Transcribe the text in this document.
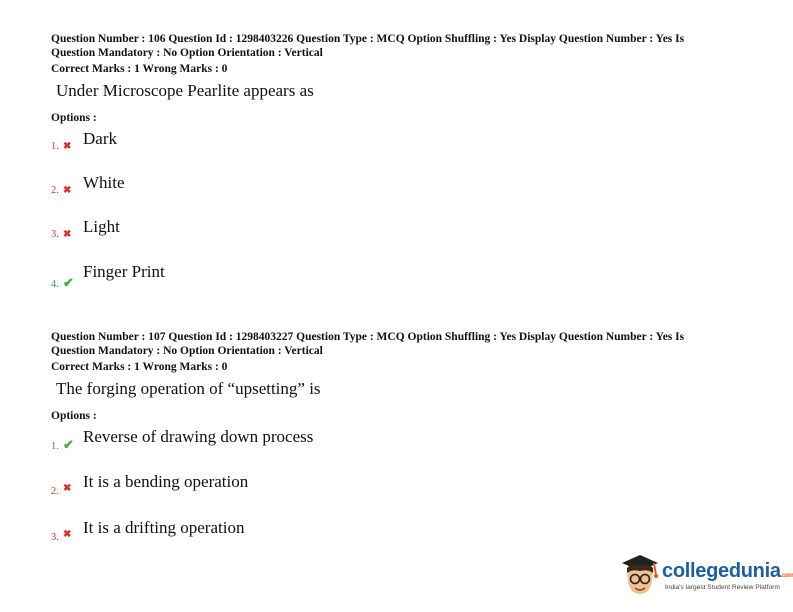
Question Number : 106 Question Id : 1298403226 Question Type : MCQ Option Shuffling : Yes Display Question Number : Yes Is

Question Mandatory : No Option Orientation : Vertical

Correct Marks : 1 Wrong Marks : 0

Under Microscope Pearlite appears as
Options :
1. ✖ Dark
2. ✖ White
3. ✖ Light
4. ✔
Finger Print

Question Number : 107 Question Id : 1298403227 Question Type : MCQ Option Shuffling : Yes Display Question Number : Yes Is

Question Mandatory : No Option Orientation : Vertical

Correct Marks : 1 Wrong Marks : 0

The forging operation of “upsetting” is
Options :
1. ✔ Reverse of drawing down process
2. ✖ It is a bending operation
3. ✖ It is a drifting operation
collegedunia.com
India's largest Student Review Platform
